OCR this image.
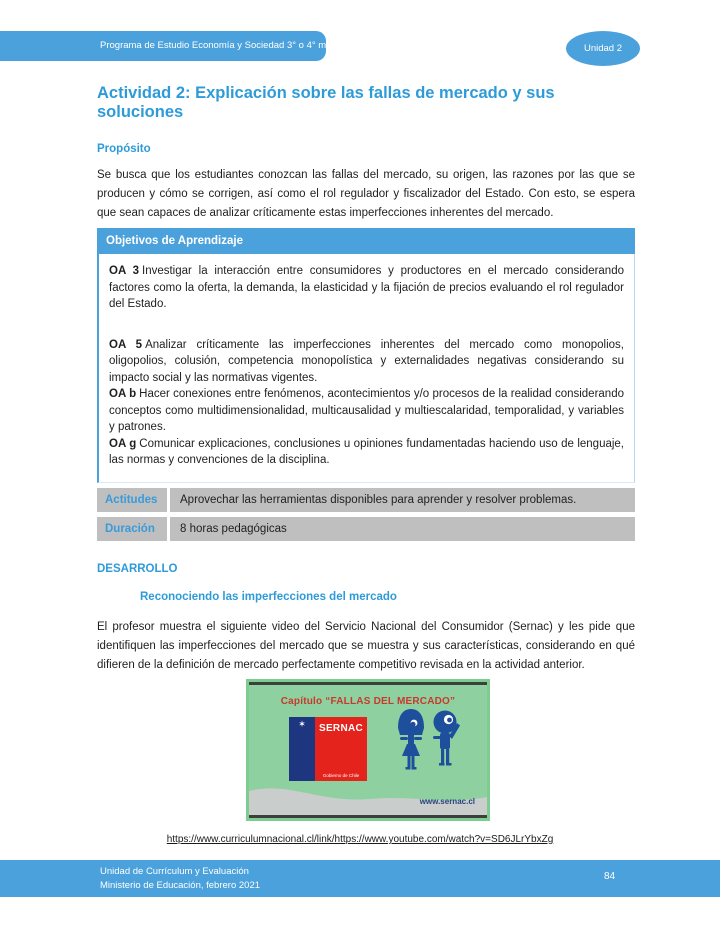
Programa de Estudio Economía y Sociedad 3° o 4° medio	Unidad 2
Actividad 2: Explicación sobre las fallas de mercado y sus soluciones
Propósito

Se busca que los estudiantes conozcan las fallas del mercado, su origen, las razones por las que se producen y cómo se corrigen, así como el rol regulador y fiscalizador del Estado. Con esto, se espera que sean capaces de analizar críticamente estas imperfecciones inherentes del mercado.

Objetivos de Aprendizaje

OA 3 Investigar la interacción entre consumidores y productores en el mercado considerando factores como la oferta, la demanda, la elasticidad y la fijación de precios evaluando el rol regulador del Estado.

OA 5 Analizar críticamente las imperfecciones inherentes del mercado como monopolios, oligopolios, colusión, competencia monopolística y externalidades negativas considerando su impacto social y las normativas vigentes.

OA b Hacer conexiones entre fenómenos, acontecimientos y/o procesos de la realidad considerando conceptos como multidimensionalidad, multicausalidad y multiescalaridad, temporalidad, y variables y patrones.

OA g Comunicar explicaciones, conclusiones u opiniones fundamentadas haciendo uso de lenguaje, las normas y convenciones de la disciplina.

Actitudes	Aprovechar las herramientas disponibles para aprender y resolver problemas.
Duración	8 horas pedagógicas
DESARROLLO
Reconociendo las imperfecciones del mercado

El profesor muestra el siguiente video del Servicio Nacional del Consumidor (Sernac) y les pide que identifiquen las imperfecciones del mercado que se muestra y sus características, considerando en qué difieren de la definición de mercado perfectamente competitivo revisada en la actividad anterior.

Capítulo “FALLAS DEL MERCADO”
✶	SERNAC
Gobierno de Chile
www.sernac.cl
https://www.curriculumnacional.cl/link/https://www.youtube.com/watch?v=SD6JLrYbxZg
Unidad de Currículum y Evaluación
Ministerio de Educación, febrero 2021
84
